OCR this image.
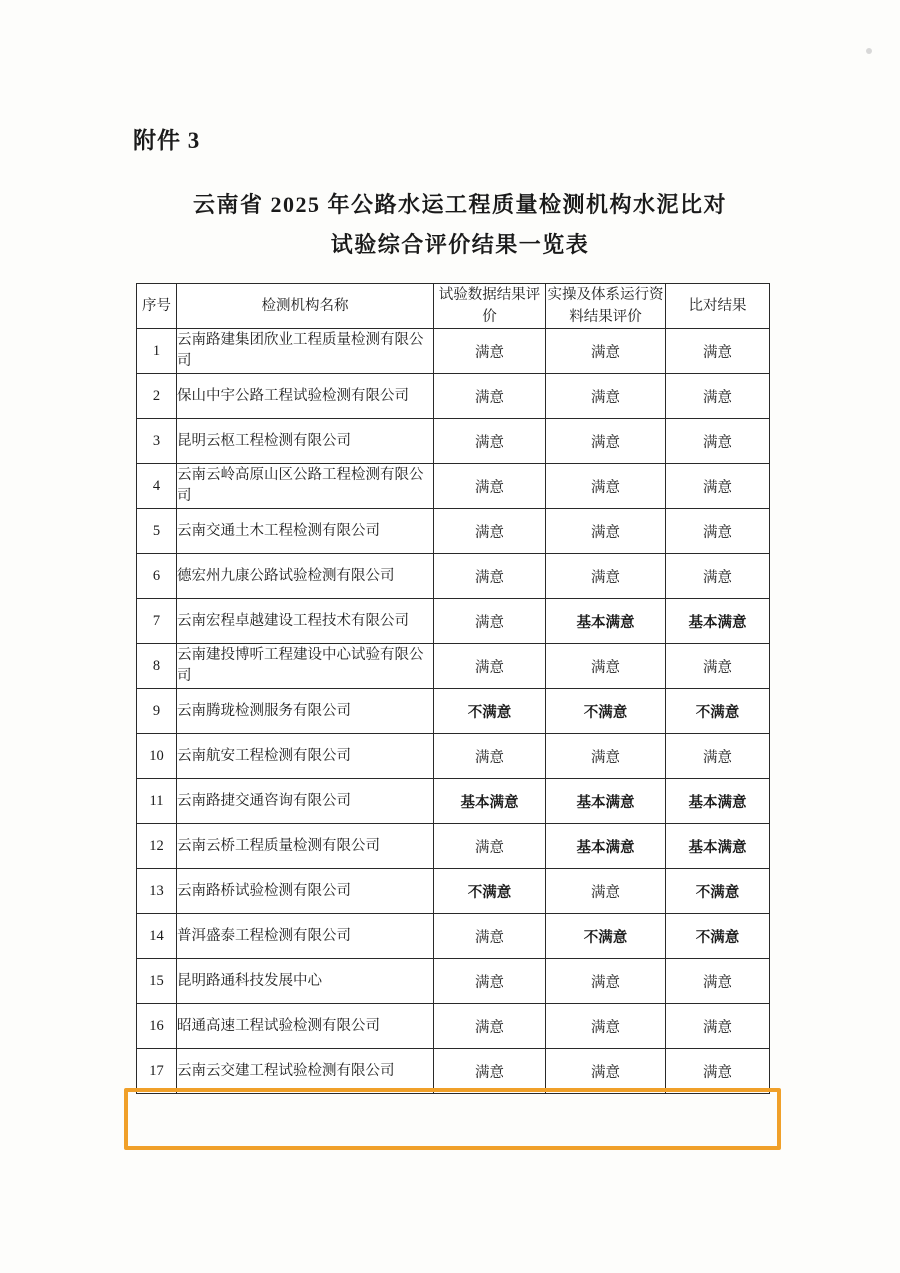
附件 3
云南省 2025 年公路水运工程质量检测机构水泥比对
试验综合评价结果一览表
序号	检测机构名称	试验数据结果评价	实操及体系运行资料结果评价	比对结果
1	云南路建集团欣业工程质量检测有限公司	满意	满意	满意
2	保山中宇公路工程试验检测有限公司	满意	满意	满意
3	昆明云枢工程检测有限公司	满意	满意	满意
4	云南云岭高原山区公路工程检测有限公司	满意	满意	满意
5	云南交通土木工程检测有限公司	满意	满意	满意
6	德宏州九康公路试验检测有限公司	满意	满意	满意
7	云南宏程卓越建设工程技术有限公司	满意	基本满意	基本满意
8	云南建投博听工程建设中心试验有限公司	满意	满意	满意
9	云南腾珑检测服务有限公司	不满意	不满意	不满意
10	云南航安工程检测有限公司	满意	满意	满意
11	云南路捷交通咨询有限公司	基本满意	基本满意	基本满意
12	云南云桥工程质量检测有限公司	满意	基本满意	基本满意
13	云南路桥试验检测有限公司	不满意	满意	不满意
14	普洱盛泰工程检测有限公司	满意	不满意	不满意
15	昆明路通科技发展中心	满意	满意	满意
16	昭通高速工程试验检测有限公司	满意	满意	满意
17	云南云交建工程试验检测有限公司	满意	满意	满意
